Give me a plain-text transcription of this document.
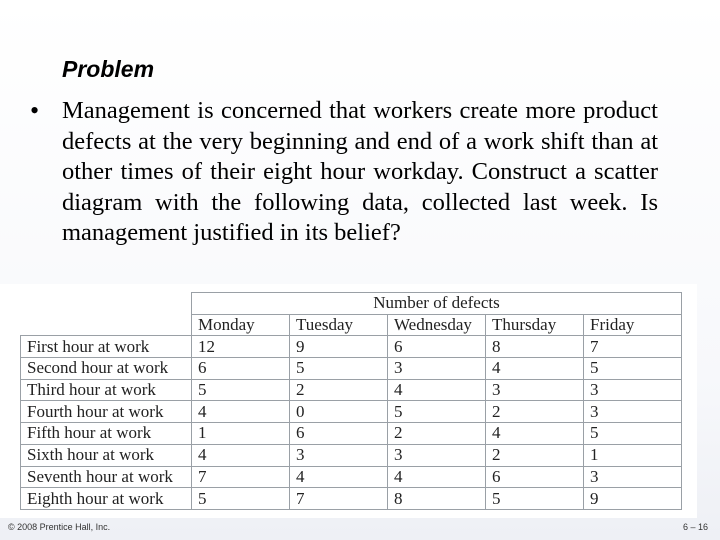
Problem
• Management is concerned that workers create more product defects at the very beginning and end of a work shift than at other times of their eight hour workday. Construct a scatter diagram with the following data, collected last week. Is management justified in its belief?
	Number of defects				
	Monday	Tuesday	Wednesday	Thursday	Friday
First hour at work	12	9	6	8	7
Second hour at work	6	5	3	4	5
Third hour at work	5	2	4	3	3
Fourth hour at work	4	0	5	2	3
Fifth hour at work	1	6	2	4	5
Sixth hour at work	4	3	3	2	1
Seventh hour at work	7	4	4	6	3
Eighth hour at work	5	7	8	5	9
© 2008 Prentice Hall, Inc.	6 – 16
